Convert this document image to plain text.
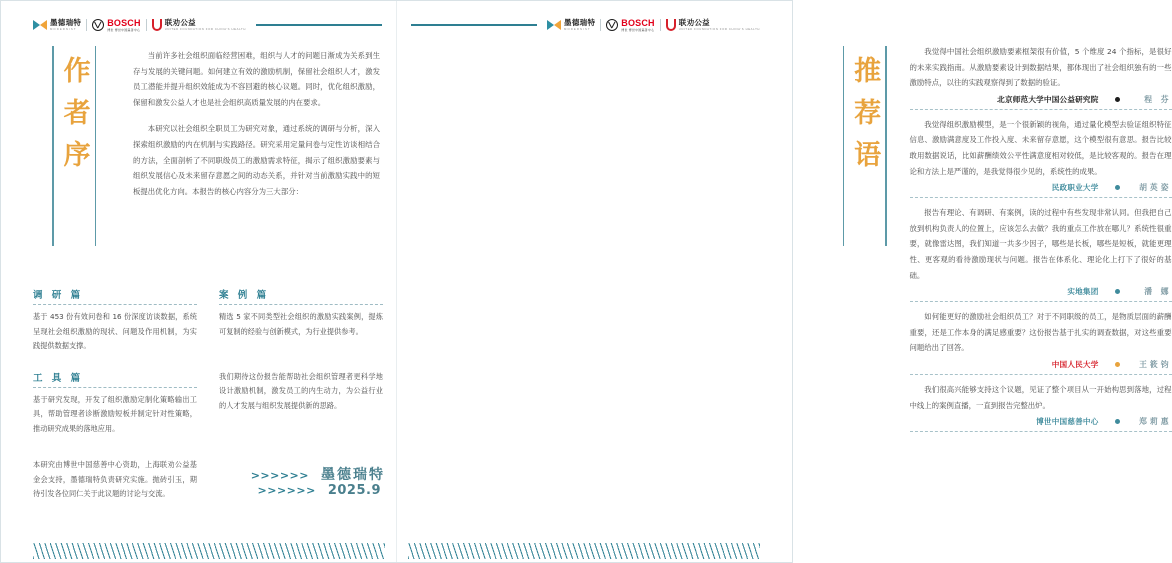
墨德瑞特
MODERNIST
BOSCH
博世 博世中国慈善中心
联劝公益
UNITED FOUNDATION FOR CHINA'S HEALTH
作者序

当前许多社会组织面临经营困难，组织与人才的问题日渐成为关系到生存与发展的关键问题。如何建立有效的激励机制，保留社会组织人才，激发员工潜能并提升组织效能成为不容回避的核心议题。同时，优化组织激励，保留和激发公益人才也是社会组织高质量发展的内在要求。

本研究以社会组织全职员工为研究对象，通过系统的调研与分析，深入探索组织激励的内在机制与实践路径。研究采用定量问卷与定性访谈相结合的方法，全面剖析了不同职级员工的激励需求特征，揭示了组织激励要素与组织发展信心及未来留存意愿之间的动态关系，并针对当前激励实践中的短板提出优化方向。本报告的核心内容分为三大部分：

调 研 篇
基于 453 份有效问卷和 16 份深度访谈数据，系统呈现社会组织激励的现状、问题及作用机制，为实践提供数据支撑。
案 例 篇
精选 5 家不同类型社会组织的激励实践案例，提炼可复制的经验与创新模式，为行业提供参考。
工 具 篇
基于研究发现，开发了组织激励定制化策略输出工具，帮助管理者诊断激励短板并制定针对性策略，推动研究成果的落地应用。
我们期待这份报告能帮助社会组织管理者更科学地设计激励机制，激发员工的内生动力，为公益行业的人才发展与组织发展提供新的思路。
本研究由博世中国慈善中心资助，上海联劝公益基金会支持，墨德瑞特负责研究实施。抛砖引玉，期待引发各位同仁关于此议题的讨论与交流。
>>>>>> 墨德瑞特
>>>>>> 2025.9
墨德瑞特
MODERNIST
BOSCH
博世 博世中国慈善中心
联劝公益
UNITED FOUNDATION FOR CHINA'S HEALTH
推荐语
我觉得中国社会组织激励要素框架很有价值，5 个维度 24 个指标，是很好的未来实践指南。从激励要素设计到数据结果，都体现出了社会组织独有的一些激励特点，以往的实践观察得到了数据的验证。
北京师范大学中国公益研究院	程 芬
我觉得组织激励模型，是一个很新颖的视角，通过量化模型去验证组织特征信息、激励满意度及工作投入度、未来留存意愿，这个模型很有意思。报告比较敢用数据说话，比如薪酬绩效公平性满意度相对较低，是比较客观的。报告在理论和方法上是严谨的，是我觉得很少见的，系统性的成果。
民政职业大学	胡英姿
报告有理论、有调研、有案例，读的过程中有些发现非常认同。但我把自己放到机构负责人的位置上，应该怎么去做？我的重点工作放在哪儿？系统性很重要，就像雷达图，我们知道一共多少因子，哪些是长板，哪些是短板，就能更理性、更客观的看待激励现状与问题。报告在体系化、理论化上打下了很好的基础。
实地集团	潘 娜
如何能更好的激励社会组织员工？对于不同职级的员工，是物质层面的薪酬重要，还是工作本身的满足感重要？这份报告基于扎实的调查数据，对这些重要问题给出了回答。
中国人民大学	王筱钧
我们很高兴能够支持这个议题，见证了整个项目从一开始构思到落地，过程中线上的案例直播，一直到报告完整出炉。
博世中国慈善中心	郑莉惠
